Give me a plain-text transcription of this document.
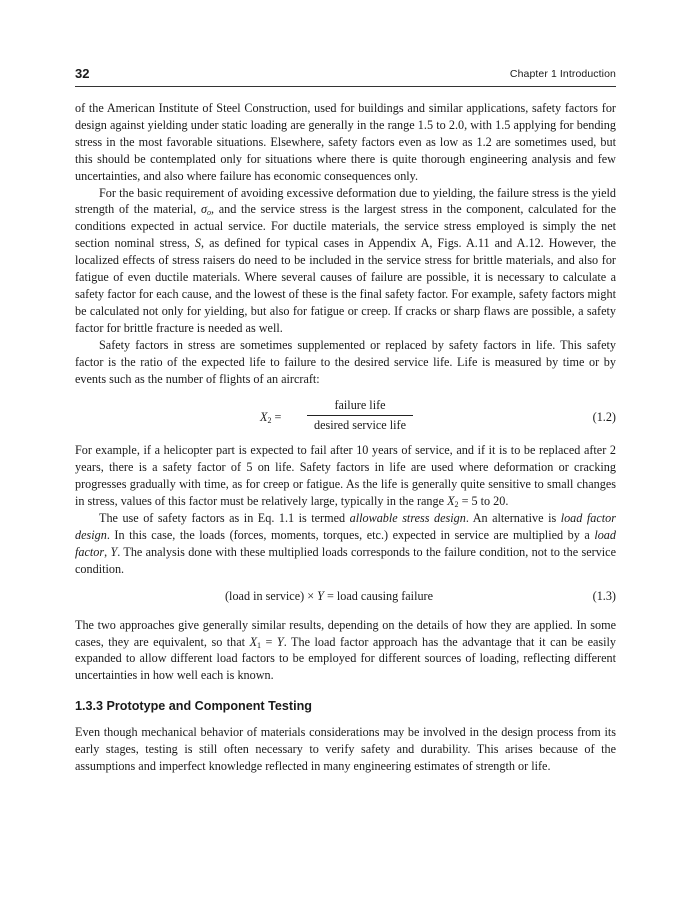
32	Chapter 1 Introduction

of the American Institute of Steel Construction, used for buildings and similar applications, safety factors for design against yielding under static loading are generally in the range 1.5 to 2.0, with 1.5 applying for bending stress in the most favorable situations. Elsewhere, safety factors even as low as 1.2 are sometimes used, but this should be contemplated only for situations where there is quite thorough engineering analysis and few uncertainties, and also where failure has economic consequences only.

For the basic requirement of avoiding excessive deformation due to yielding, the failure stress is the yield strength of the material, $\sigma_o$, and the service stress is the largest stress in the component, calculated for the conditions expected in actual service. For ductile materials, the service stress employed is simply the net section nominal stress, S, as defined for typical cases in Appendix A, Figs. A.11 and A.12. However, the localized effects of stress raisers do need to be included in the service stress for brittle materials, and also for fatigue of even ductile materials. Where several causes of failure are possible, it is necessary to calculate a safety factor for each cause, and the lowest of these is the final safety factor. For example, safety factors might be calculated not only for yielding, but also for fatigue or creep. If cracks or sharp flaws are possible, a safety factor for brittle fracture is needed as well.

Safety factors in stress are sometimes supplemented or replaced by safety factors in life. This safety factor is the ratio of the expected life to failure to the desired service life. Life is measured by time or by events such as the number of flights of an aircraft:

$X_2$ =
failure life
desired service life
(1.2)

For example, if a helicopter part is expected to fail after 10 years of service, and if it is to be replaced after 2 years, there is a safety factor of 5 on life. Safety factors in life are used where deformation or cracking progresses gradually with time, as for creep or fatigue. As the life is generally quite sensitive to small changes in stress, values of this factor must be relatively large, typically in the range $X_2 = 5$ to 20.

The use of safety factors as in Eq. 1.1 is termed allowable stress design. An alternative is load factor design. In this case, the loads (forces, moments, torques, etc.) expected in service are multiplied by a load factor, Y. The analysis done with these multiplied loads corresponds to the failure condition, not to the service condition.

(load in service) × Y = load causing failure	(1.3)

The two approaches give generally similar results, depending on the details of how they are applied. In some cases, they are equivalent, so that $X_1 = Y$. The load factor approach has the advantage that it can be easily expanded to allow different load factors to be employed for different sources of loading, reflecting different uncertainties in how well each is known.

1.3.3 Prototype and Component Testing

Even though mechanical behavior of materials considerations may be involved in the design process from its early stages, testing is still often necessary to verify safety and durability. This arises because of the assumptions and imperfect knowledge reflected in many engineering estimates of strength or life.
